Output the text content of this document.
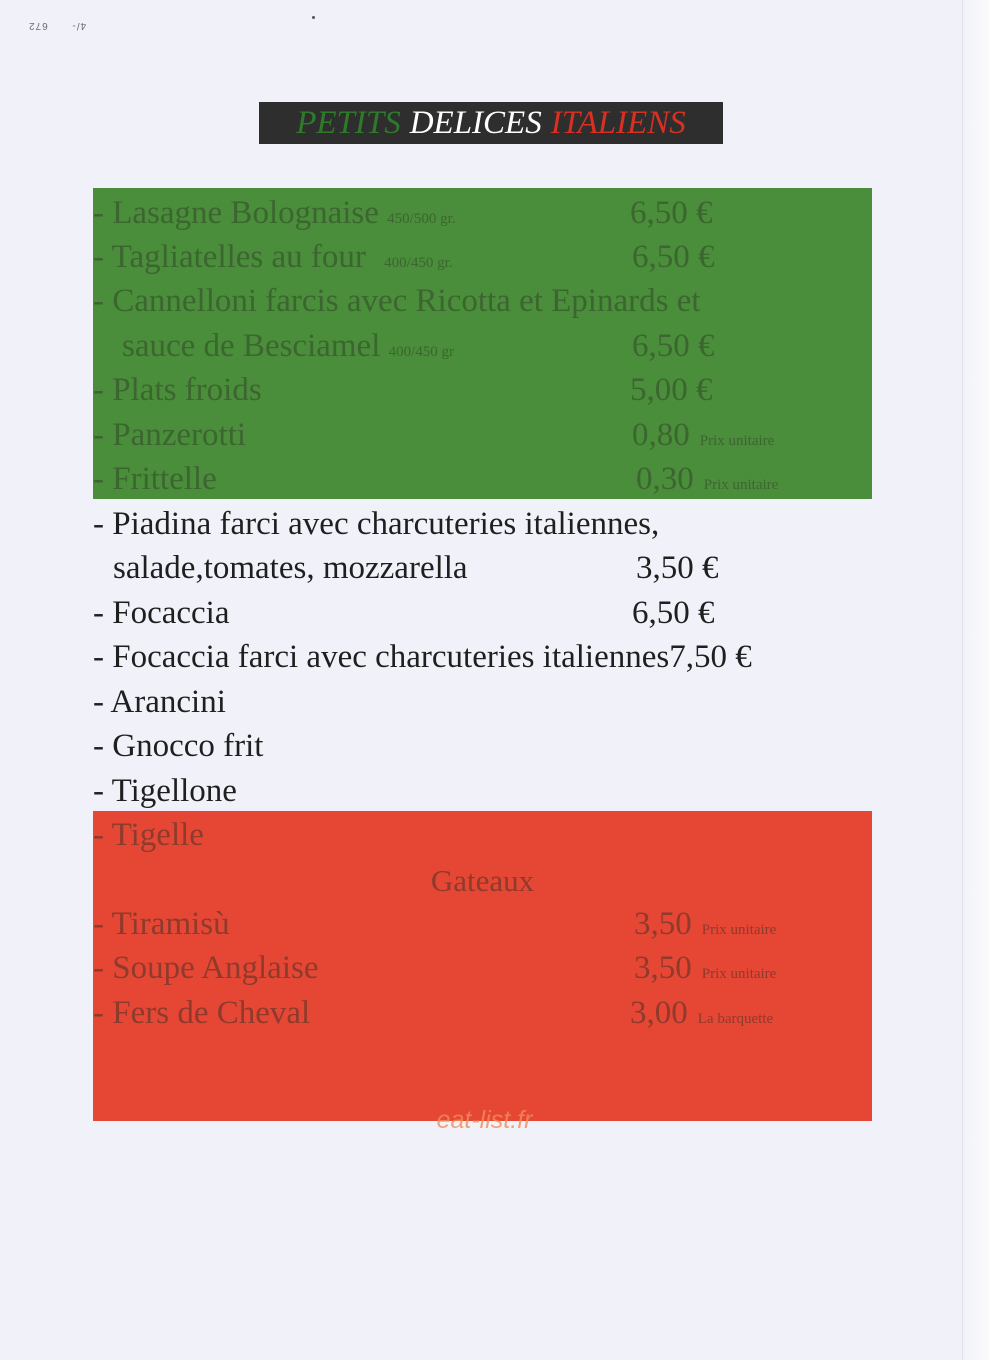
4/- 672
PETITS DELICES ITALIENS
- Lasagne Bolognaise 450/500 gr.	6,50 €
- Tagliatelles au four 400/450 gr.	6,50 €
- Cannelloni farcis avec Ricotta et Epinards et
sauce de Besciamel 400/450 gr	6,50 €
- Plats froids	5,00 €
- Panzerotti	0,80 Prix unitaire
- Frittelle	0,30 Prix unitaire
- Piadina farci avec charcuteries italiennes,
salade,tomates, mozzarella	3,50 €
- Focaccia	6,50 €
- Focaccia farci avec charcuteries italiennes7,50 €
- Arancini
- Gnocco frit
- Tigellone
- Tigelle
Gateaux
- Tiramisù	3,50 Prix unitaire
- Soupe Anglaise	3,50 Prix unitaire
- Fers de Cheval	3,00 La barquette
eat-list.fr
